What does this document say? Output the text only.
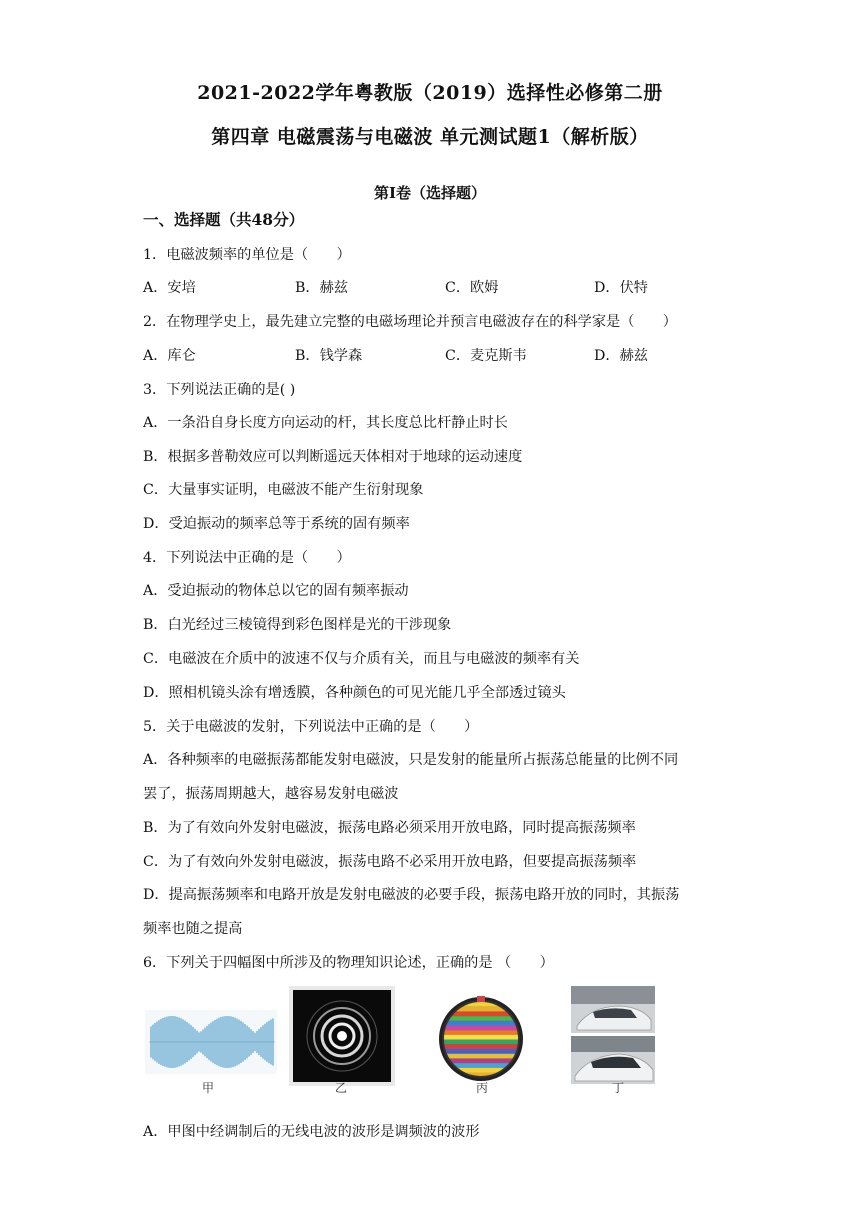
2021-2022学年粤教版（2019）选择性必修第二册
第四章 电磁震荡与电磁波 单元测试题1（解析版）
第Ⅰ卷（选择题）
一、选择题（共48分）
1．电磁波频率的单位是（　　）
A．安培	B．赫兹	C．欧姆	D．伏特
2．在物理学史上，最先建立完整的电磁场理论并预言电磁波存在的科学家是（　　）
A．库仑	B．钱学森	C．麦克斯韦	D．赫兹
3．下列说法正确的是( )
A．一条沿自身长度方向运动的杆，其长度总比杆静止时长
B．根据多普勒效应可以判断遥远天体相对于地球的运动速度
C．大量事实证明，电磁波不能产生衍射现象
D．受迫振动的频率总等于系统的固有频率
4．下列说法中正确的是（　　）
A．受迫振动的物体总以它的固有频率振动
B．白光经过三棱镜得到彩色图样是光的干涉现象
C．电磁波在介质中的波速不仅与介质有关，而且与电磁波的频率有关
D．照相机镜头涂有增透膜，各种颜色的可见光能几乎全部透过镜头
5．关于电磁波的发射，下列说法中正确的是（　　）
A．各种频率的电磁振荡都能发射电磁波，只是发射的能量所占振荡总能量的比例不同
罢了，振荡周期越大，越容易发射电磁波
B．为了有效向外发射电磁波，振荡电路必须采用开放电路，同时提高振荡频率
C．为了有效向外发射电磁波，振荡电路不必采用开放电路，但要提高振荡频率
D．提高振荡频率和电路开放是发射电磁波的必要手段，振荡电路开放的同时，其振荡
频率也随之提高
6．下列关于四幅图中所涉及的物理知识论述，正确的是 （　　）
甲	乙	丙	丁
A．甲图中经调制后的无线电波的波形是调频波的波形
